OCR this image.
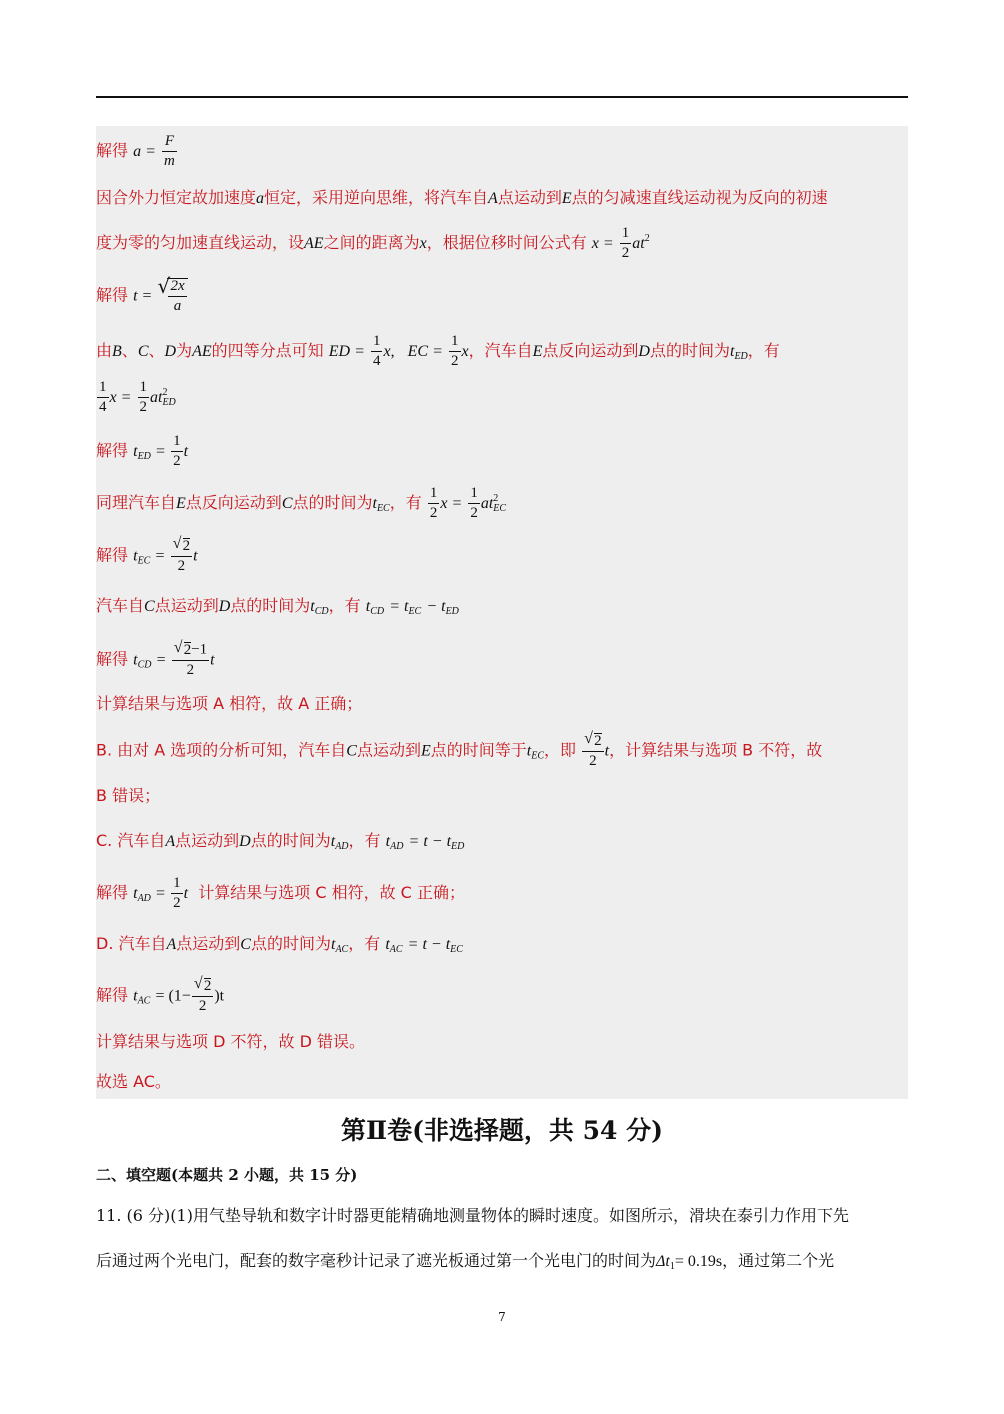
解得 $a = \frac{F}{m}$
因合外力恒定故加速度a恒定，采用逆向思维，将汽车自A点运动到E点的匀减速直线运动视为反向的初速
度为零的匀加速直线运动，设AE之间的距离为x，根据位移时间公式有 $x = \frac{1}{2} at^2$
解得 t = √
$\frac{2x}{a}$
由B、C、D为AE的四等分点可知 ED = $\frac{1}{4} x$,   EC = $\frac{1}{2}$ x，汽车自E点反向运动到D点的时间为$t_{ED}$，有
$\frac{1}{4}$ $x = \frac{1}{2}$ at 2
ED
解得 $t_{ED} = \frac{1}{2}$ t
同理汽车自E点反向运动到C点的时间为$t_{EC}$，有 $\frac{1}{2}$ $x = \frac{1}{2}$ at 2
EC
解得 $t_{EC} = \frac{√ 2}{2}$ t
汽车自C点运动到D点的时间为$t_{CD}$，有 $t_{CD} = t_{EC} - t_{ED}$
解得 $t_{CD} = \frac{√ 2-1}{2}$ t
计算结果与选项 A 相符，故 A 正确；
B. 由对 A 选项的分析可知，汽车自C点运动到E点的时间等于$t_{EC}$，即 $\frac{√ 2}{2}$ t，计算结果与选项 B 不符，故
B 错误；
C. 汽车自A点运动到D点的时间为$t_{AD}$，有 $t_{AD} = t - t_{ED}$
解得 $t_{AD} = \frac{1}{2}$ t 计算结果与选项 C 相符，故 C 正确；
D. 汽车自A点运动到C点的时间为$t_{AC}$，有 $t_{AC} = t - t_{EC}$
解得 $t_{AC} = (1- \frac{√ 2}{2} )t$
计算结果与选项 D 不符，故 D 错误。
故选 AC。
第Ⅱ卷(非选择题，共 54 分)
二、填空题(本题共 2 小题，共 15 分)
11. (6 分)(1)用气垫导轨和数字计时器更能精确地测量物体的瞬时速度。如图所示，滑块在泰引力作用下先
后通过两个光电门，配套的数字毫秒计记录了遮光板通过第一个光电门的时间为$\Delta t_1= 0.19s$，通过第二个光
7
